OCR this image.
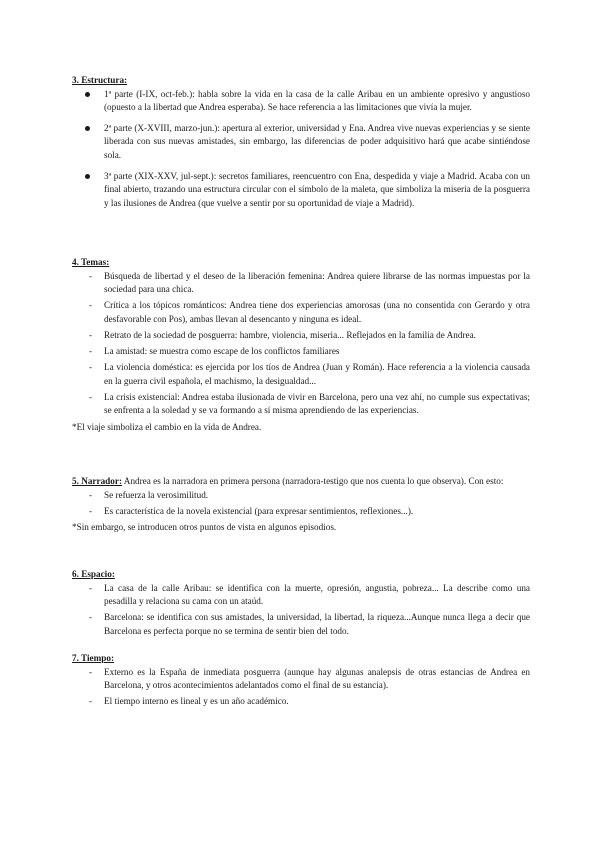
3. Estructura:

1ª parte (I-IX, oct-feb.): habla sobre la vida en la casa de la calle Aribau en un ambiente opresivo y angustioso (opuesto a la libertad que Andrea esperaba). Se hace referencia a las limitaciones que vivía la mujer.
2ª parte (X-XVIII, marzo-jun.): apertura al exterior, universidad y Ena. Andrea vive nuevas experiencias y se siente liberada con sus nuevas amistades, sin embargo, las diferencias de poder adquisitivo hará que acabe sintiéndose sola.
3ª parte (XIX-XXV, jul-sept.): secretos familiares, reencuentro con Ena, despedida y viaje a Madrid. Acaba con un final abierto, trazando una estructura circular con el símbolo de la maleta, que simboliza la miseria de la posguerra y las ilusiones de Andrea (que vuelve a sentir por su oportunidad de viaje a Madrid).

4. Temas:

- Búsqueda de libertad y el deseo de la liberación femenina: Andrea quiere librarse de las normas impuestas por la sociedad para una chica.
- Crítica a los tópicos románticos: Andrea tiene dos experiencias amorosas (una no consentida con Gerardo y otra desfavorable con Pos), ambas llevan al desencanto y ninguna es ideal.
- Retrato de la sociedad de posguerra: hambre, violencia, miseria... Reflejados en la familia de Andrea.
- La amistad: se muestra como escape de los conflictos familiares
- La violencia doméstica: es ejercida por los tíos de Andrea (Juan y Román). Hace referencia a la violencia causada en la guerra civil española, el machismo, la desigualdad...
- La crisis existencial: Andrea estaba ilusionada de vivir en Barcelona, pero una vez ahí, no cumple sus expectativas; se enfrenta a la soledad y se va formando a sí misma aprendiendo de las experiencias.

*El viaje simboliza el cambio en la vida de Andrea.

5. Narrador: Andrea es la narradora en primera persona (narradora-testigo que nos cuenta lo que observa). Con esto:

- Se refuerza la verosimilitud.
- Es característica de la novela existencial (para expresar sentimientos, reflexiones...).

*Sin embargo, se introducen otros puntos de vista en algunos episodios.

6. Espacio:

- La casa de la calle Aribau: se identifica con la muerte, opresión, angustia, pobreza... La describe como una pesadilla y relaciona su cama con un ataúd.
- Barcelona: se identifica con sus amistades, la universidad, la libertad, la riqueza...Aunque nunca llega a decir que Barcelona es perfecta porque no se termina de sentir bien del todo.

7. Tiempo:

- Externo es la España de inmediata posguerra (aunque hay algunas analepsis de otras estancias de Andrea en Barcelona, y otros acontecimientos adelantados como el final de su estancia).
- El tiempo interno es lineal y es un año académico.
